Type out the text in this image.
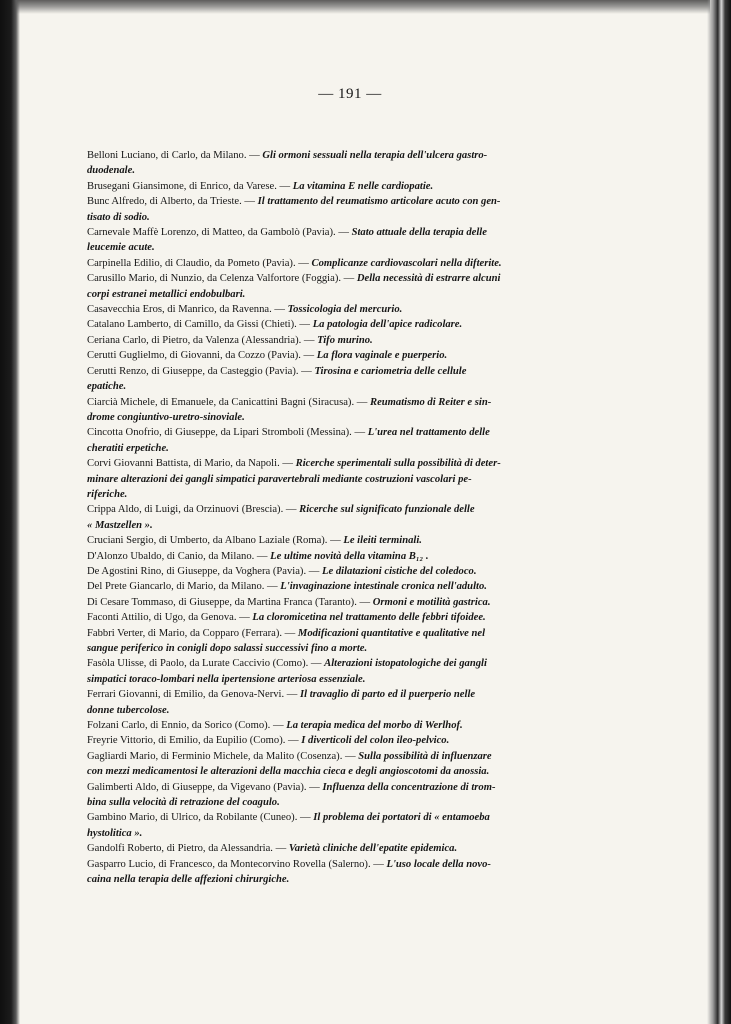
— 191 —
Belloni Luciano, di Carlo, da Milano. — Gli ormoni sessuali nella terapia dell'ulcera gastro-
duodenale.
Brusegani Giansimone, di Enrico, da Varese. — La vitamina E nelle cardiopatie.
Bunc Alfredo, di Alberto, da Trieste. — Il trattamento del reumatismo articolare acuto con gen-
tisato di sodio.
Carnevale Maffè Lorenzo, di Matteo, da Gambolò (Pavia). — Stato attuale della terapia delle
leucemie acute.
Carpinella Edilio, di Claudio, da Pometo (Pavia). — Complicanze cardiovascolari nella difterite.
Carusillo Mario, di Nunzio, da Celenza Valfortore (Foggia). — Della necessità di estrarre alcuni
corpi estranei metallici endobulbari.
Casavecchia Eros, di Manrico, da Ravenna. — Tossicologia del mercurio.
Catalano Lamberto, di Camillo, da Gissi (Chieti). — La patologia dell'apice radicolare.
Ceriana Carlo, di Pietro, da Valenza (Alessandria). — Tifo murino.
Cerutti Guglielmo, di Giovanni, da Cozzo (Pavia). — La flora vaginale e puerperio.
Cerutti Renzo, di Giuseppe, da Casteggio (Pavia). — Tirosina e cariometria delle cellule
epatiche.
Ciarcià Michele, di Emanuele, da Canicattini Bagni (Siracusa). — Reumatismo di Reiter e sin-
drome congiuntivo-uretro-sinoviale.
Cincotta Onofrio, di Giuseppe, da Lipari Stromboli (Messina). — L'urea nel trattamento delle
cheratiti erpetiche.
Corvi Giovanni Battista, di Mario, da Napoli. — Ricerche sperimentali sulla possibilità di deter-
minare alterazioni dei gangli simpatici paravertebrali mediante costruzioni vascolari pe-
riferiche.
Crippa Aldo, di Luigi, da Orzinuovi (Brescia). — Ricerche sul significato funzionale delle
« Mastzellen ».
Cruciani Sergio, di Umberto, da Albano Laziale (Roma). — Le ileiti terminali.
D'Alonzo Ubaldo, di Canio, da Milano. — Le ultime novità della vitamina B₁₂ .
De Agostini Rino, di Giuseppe, da Voghera (Pavia). — Le dilatazioni cistiche del coledoco.
Del Prete Giancarlo, di Mario, da Milano. — L'invaginazione intestinale cronica nell'adulto.
Di Cesare Tommaso, di Giuseppe, da Martina Franca (Taranto). — Ormoni e motilità gastrica.
Faconti Attilio, di Ugo, da Genova. — La cloromicetina nel trattamento delle febbri tifoidee.
Fabbri Verter, di Mario, da Copparo (Ferrara). — Modificazioni quantitative e qualitative nel
sangue periferico in conigli dopo salassi successivi fino a morte.
Fasòla Ulisse, di Paolo, da Lurate Caccivio (Como). — Alterazioni istopatologiche dei gangli
simpatici toraco-lombari nella ipertensione arteriosa essenziale.
Ferrari Giovanni, di Emilio, da Genova-Nervi. — Il travaglio di parto ed il puerperio nelle
donne tubercolose.
Folzani Carlo, di Ennio, da Sorico (Como). — La terapia medica del morbo di Werlhof.
Freyrie Vittorio, di Emilio, da Eupilio (Como). — I diverticoli del colon ileo-pelvico.
Gagliardi Mario, di Ferminio Michele, da Malito (Cosenza). — Sulla possibilità di influenzare
con mezzi medicamentosi le alterazioni della macchia cieca e degli angioscotomi da anossia.
Galimberti Aldo, di Giuseppe, da Vigevano (Pavia). — Influenza della concentrazione di trom-
bina sulla velocità di retrazione del coagulo.
Gambino Mario, di Ulrico, da Robilante (Cuneo). — Il problema dei portatori di « entamoeba
hystolitica ».
Gandolfi Roberto, di Pietro, da Alessandria. — Varietà cliniche dell'epatite epidemica.
Gasparro Lucio, di Francesco, da Montecorvino Rovella (Salerno). — L'uso locale della novo-
caina nella terapia delle affezioni chirurgiche.
